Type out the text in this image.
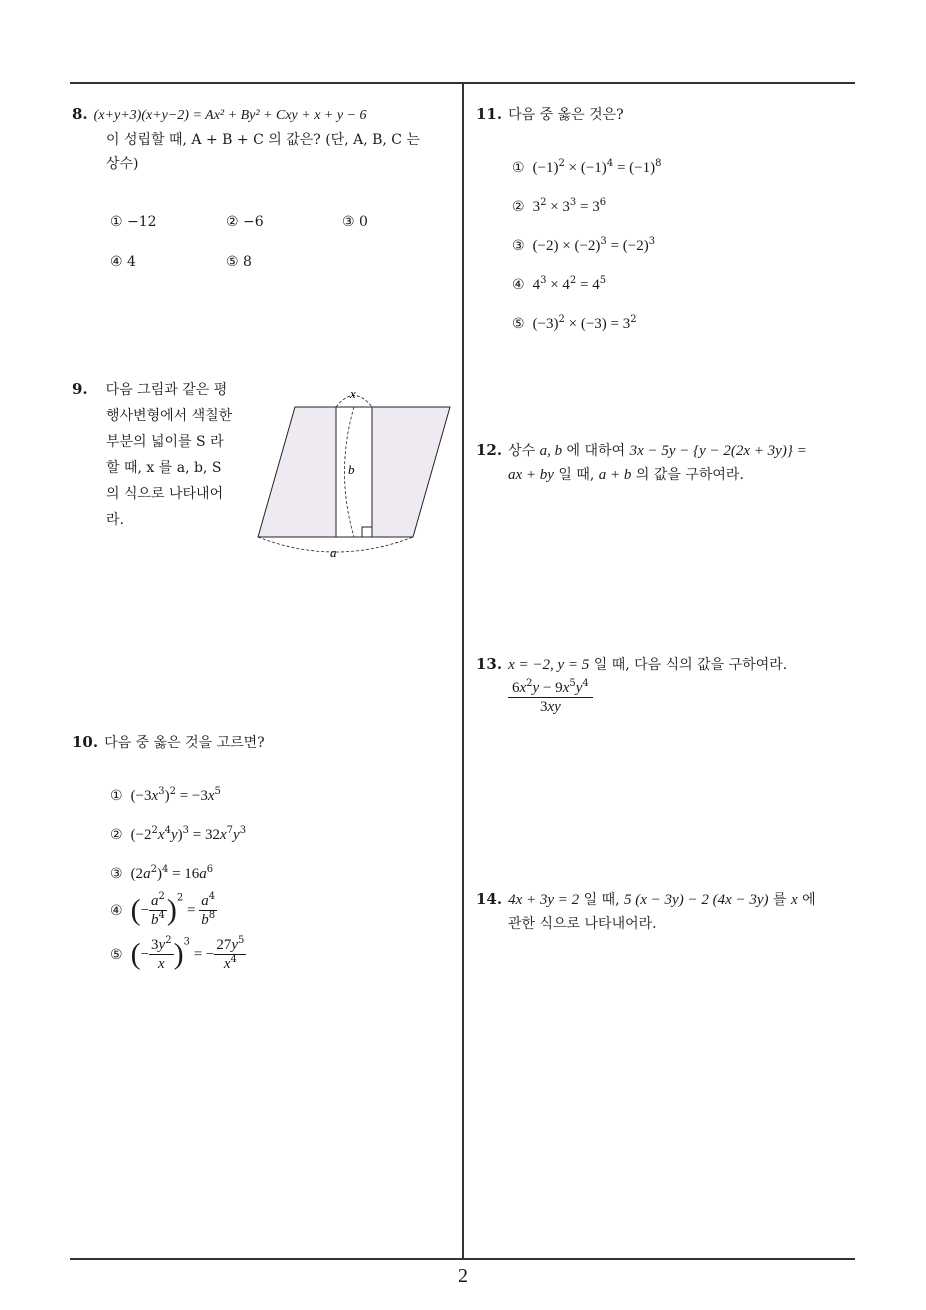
8. (x+y+3)(x+y−2) = Ax² + By² + Cxy + x + y − 6
이 성립할 때, A + B + C 의 값은? (단, A, B, C 는
상수)
① −12	② −6	③ 0
④ 4	⑤ 8
9. 다음 그림과 같은 평
행사변형에서 색칠한
부분의 넓이를 S 라
할 때, x 를 a, b, S
의 식으로 나타내어
라.
x
b
a
10. 다음 중 옳은 것을 고르면?
① $(-3x^3)^2 = -3x^5$
② $(-2^2x^4y)^3 = 32x^7y^3$
③ $(2a^2)^4 = 16a^6$
④ (− $\frac{a^2}{b^4} )^2 = \frac{a^4}{b^8}$
⑤ (− $\frac{3y^2}{x} )^3$ = − $\frac{27y^5}{x^4}$
11. 다음 중 옳은 것은?
① $(-1)^2 \times (-1)^4 = (-1)^8$
② $3^2 \times 3^3 = 3^6$
③ $(-2) \times (-2)^3 = (-2)^3$
④ $4^3 \times 4^2 = 4^5$
⑤ $(-3)^2 \times (-3) = 3^2$
12. 상수 a, b 에 대하여 3x − 5y − {y − 2(2x + 3y)} =
ax + by 일 때, a + b 의 값을 구하여라.
13. x = −2, y = 5 일 때, 다음 식의 값을 구하여라.
$\frac{6x^2y - 9x^5y^4}{3xy}$
14. 4x + 3y = 2 일 때, 5 (x − 3y) − 2 (4x − 3y) 를 x 에
관한 식으로 나타내어라.
2
